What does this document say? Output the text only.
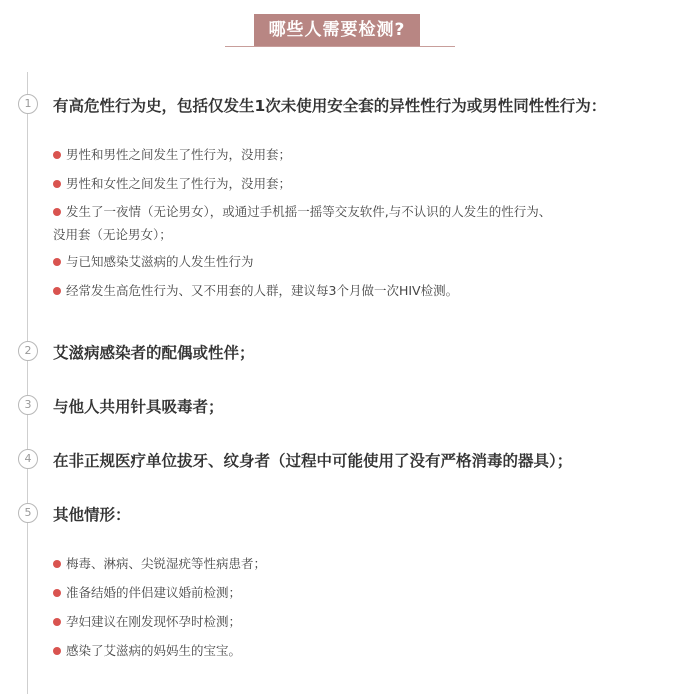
哪些人需要检测?
1	有高危性行为史，包括仅发生1次未使用安全套的异性性行为或男性同性性行为：
男性和男性之间发生了性行为，没用套；
男性和女性之间发生了性行为，没用套；
发生了一夜情（无论男女），或通过手机摇一摇等交友软件,与不认识的人发生的性行为、
没用套（无论男女）；
与已知感染艾滋病的人发生性行为
经常发生高危性行为、又不用套的人群，建议每3个月做一次HIV检测。
2	艾滋病感染者的配偶或性伴；
3	与他人共用针具吸毒者；
4	在非正规医疗单位拔牙、纹身者（过程中可能使用了没有严格消毒的器具）；
5	其他情形：
梅毒、淋病、尖锐湿疣等性病患者；
准备结婚的伴侣建议婚前检测；
孕妇建议在刚发现怀孕时检测；
感染了艾滋病的妈妈生的宝宝。
